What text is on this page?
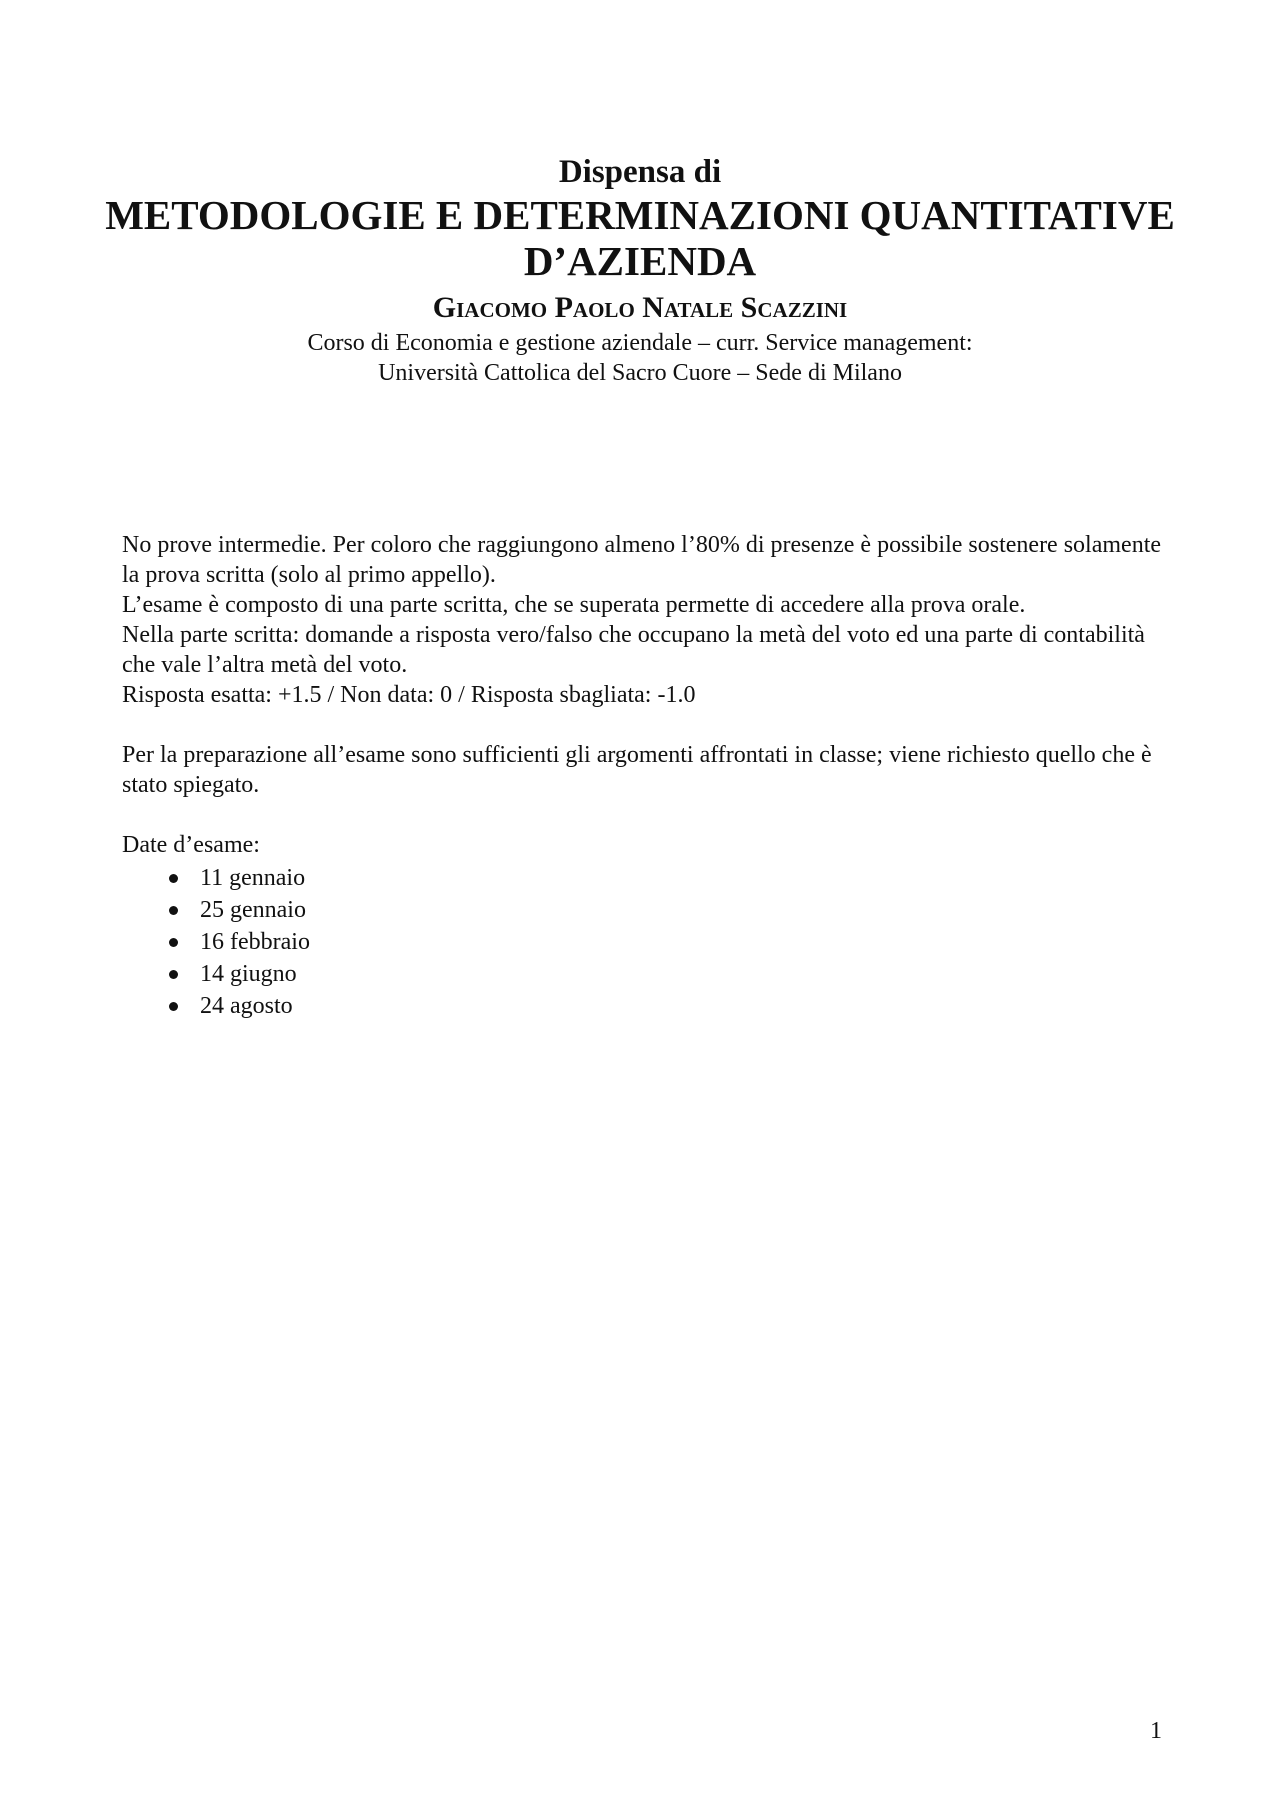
Dispensa di
METODOLOGIE E DETERMINAZIONI QUANTITATIVE D’AZIENDA
Giacomo Paolo Natale Scazzini
Corso di Economia e gestione aziendale – curr. Service management:
Università Cattolica del Sacro Cuore – Sede di Milano

No prove intermedie. Per coloro che raggiungono almeno l’80% di presenze è possibile sostenere solamente la prova scritta (solo al primo appello).

L’esame è composto di una parte scritta, che se superata permette di accedere alla prova orale.

Nella parte scritta: domande a risposta vero/falso che occupano la metà del voto ed una parte di contabilità che vale l’altra metà del voto.

Risposta esatta: +1.5 / Non data: 0 / Risposta sbagliata: -1.0

Per la preparazione all’esame sono sufficienti gli argomenti affrontati in classe; viene richiesto quello che è stato spiegato.

Date d’esame:

11 gennaio
25 gennaio
16 febbraio
14 giugno
24 agosto
1
